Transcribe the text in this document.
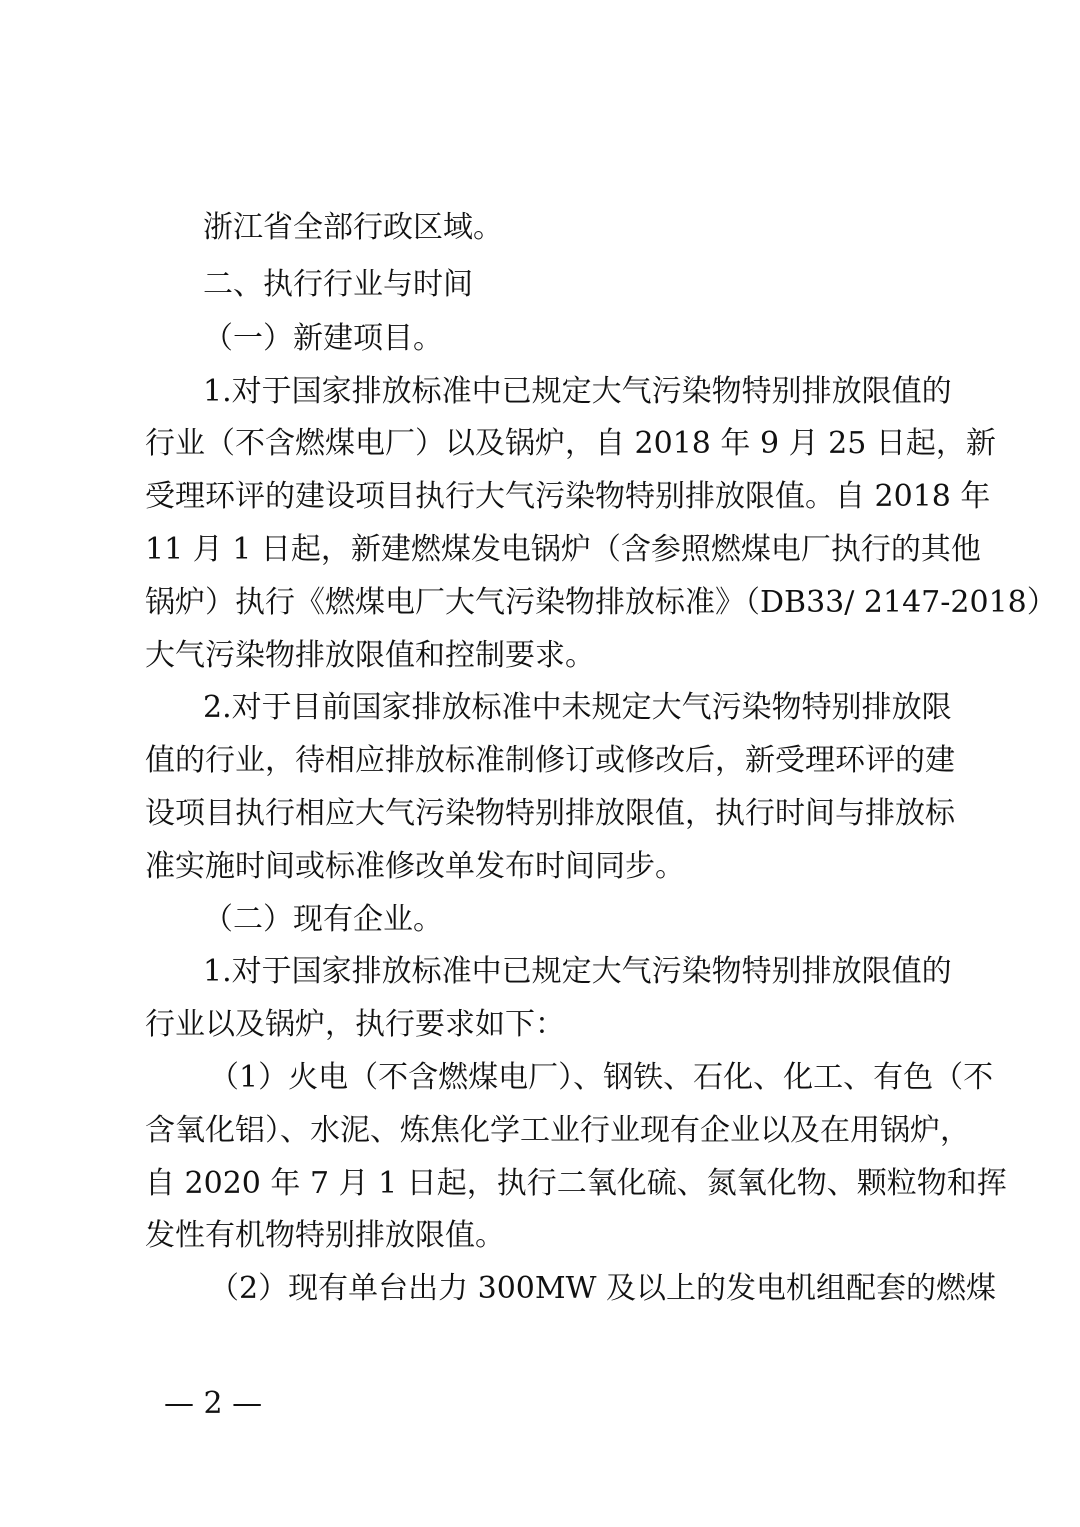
浙江省全部行政区域。
二、执行行业与时间
（一）新建项目。
1.对于国家排放标准中已规定大气污染物特别排放限值的
行业（不含燃煤电厂）以及锅炉，自 2018 年 9 月 25 日起，新
受理环评的建设项目执行大气污染物特别排放限值。自 2018 年
11 月 1 日起，新建燃煤发电锅炉（含参照燃煤电厂执行的其他
锅炉）执行《燃煤电厂大气污染物排放标准》（DB33/ 2147-2018）
大气污染物排放限值和控制要求。
2.对于目前国家排放标准中未规定大气污染物特别排放限
值的行业，待相应排放标准制修订或修改后，新受理环评的建
设项目执行相应大气污染物特别排放限值，执行时间与排放标
准实施时间或标准修改单发布时间同步。
（二）现有企业。
1.对于国家排放标准中已规定大气污染物特别排放限值的
行业以及锅炉，执行要求如下：
（1）火电（不含燃煤电厂）、钢铁、石化、化工、有色（不
含氧化铝）、水泥、炼焦化学工业行业现有企业以及在用锅炉，
自 2020 年 7 月 1 日起，执行二氧化硫、氮氧化物、颗粒物和挥
发性有机物特别排放限值。
（2）现有单台出力 300MW 及以上的发电机组配套的燃煤
— 2 —
